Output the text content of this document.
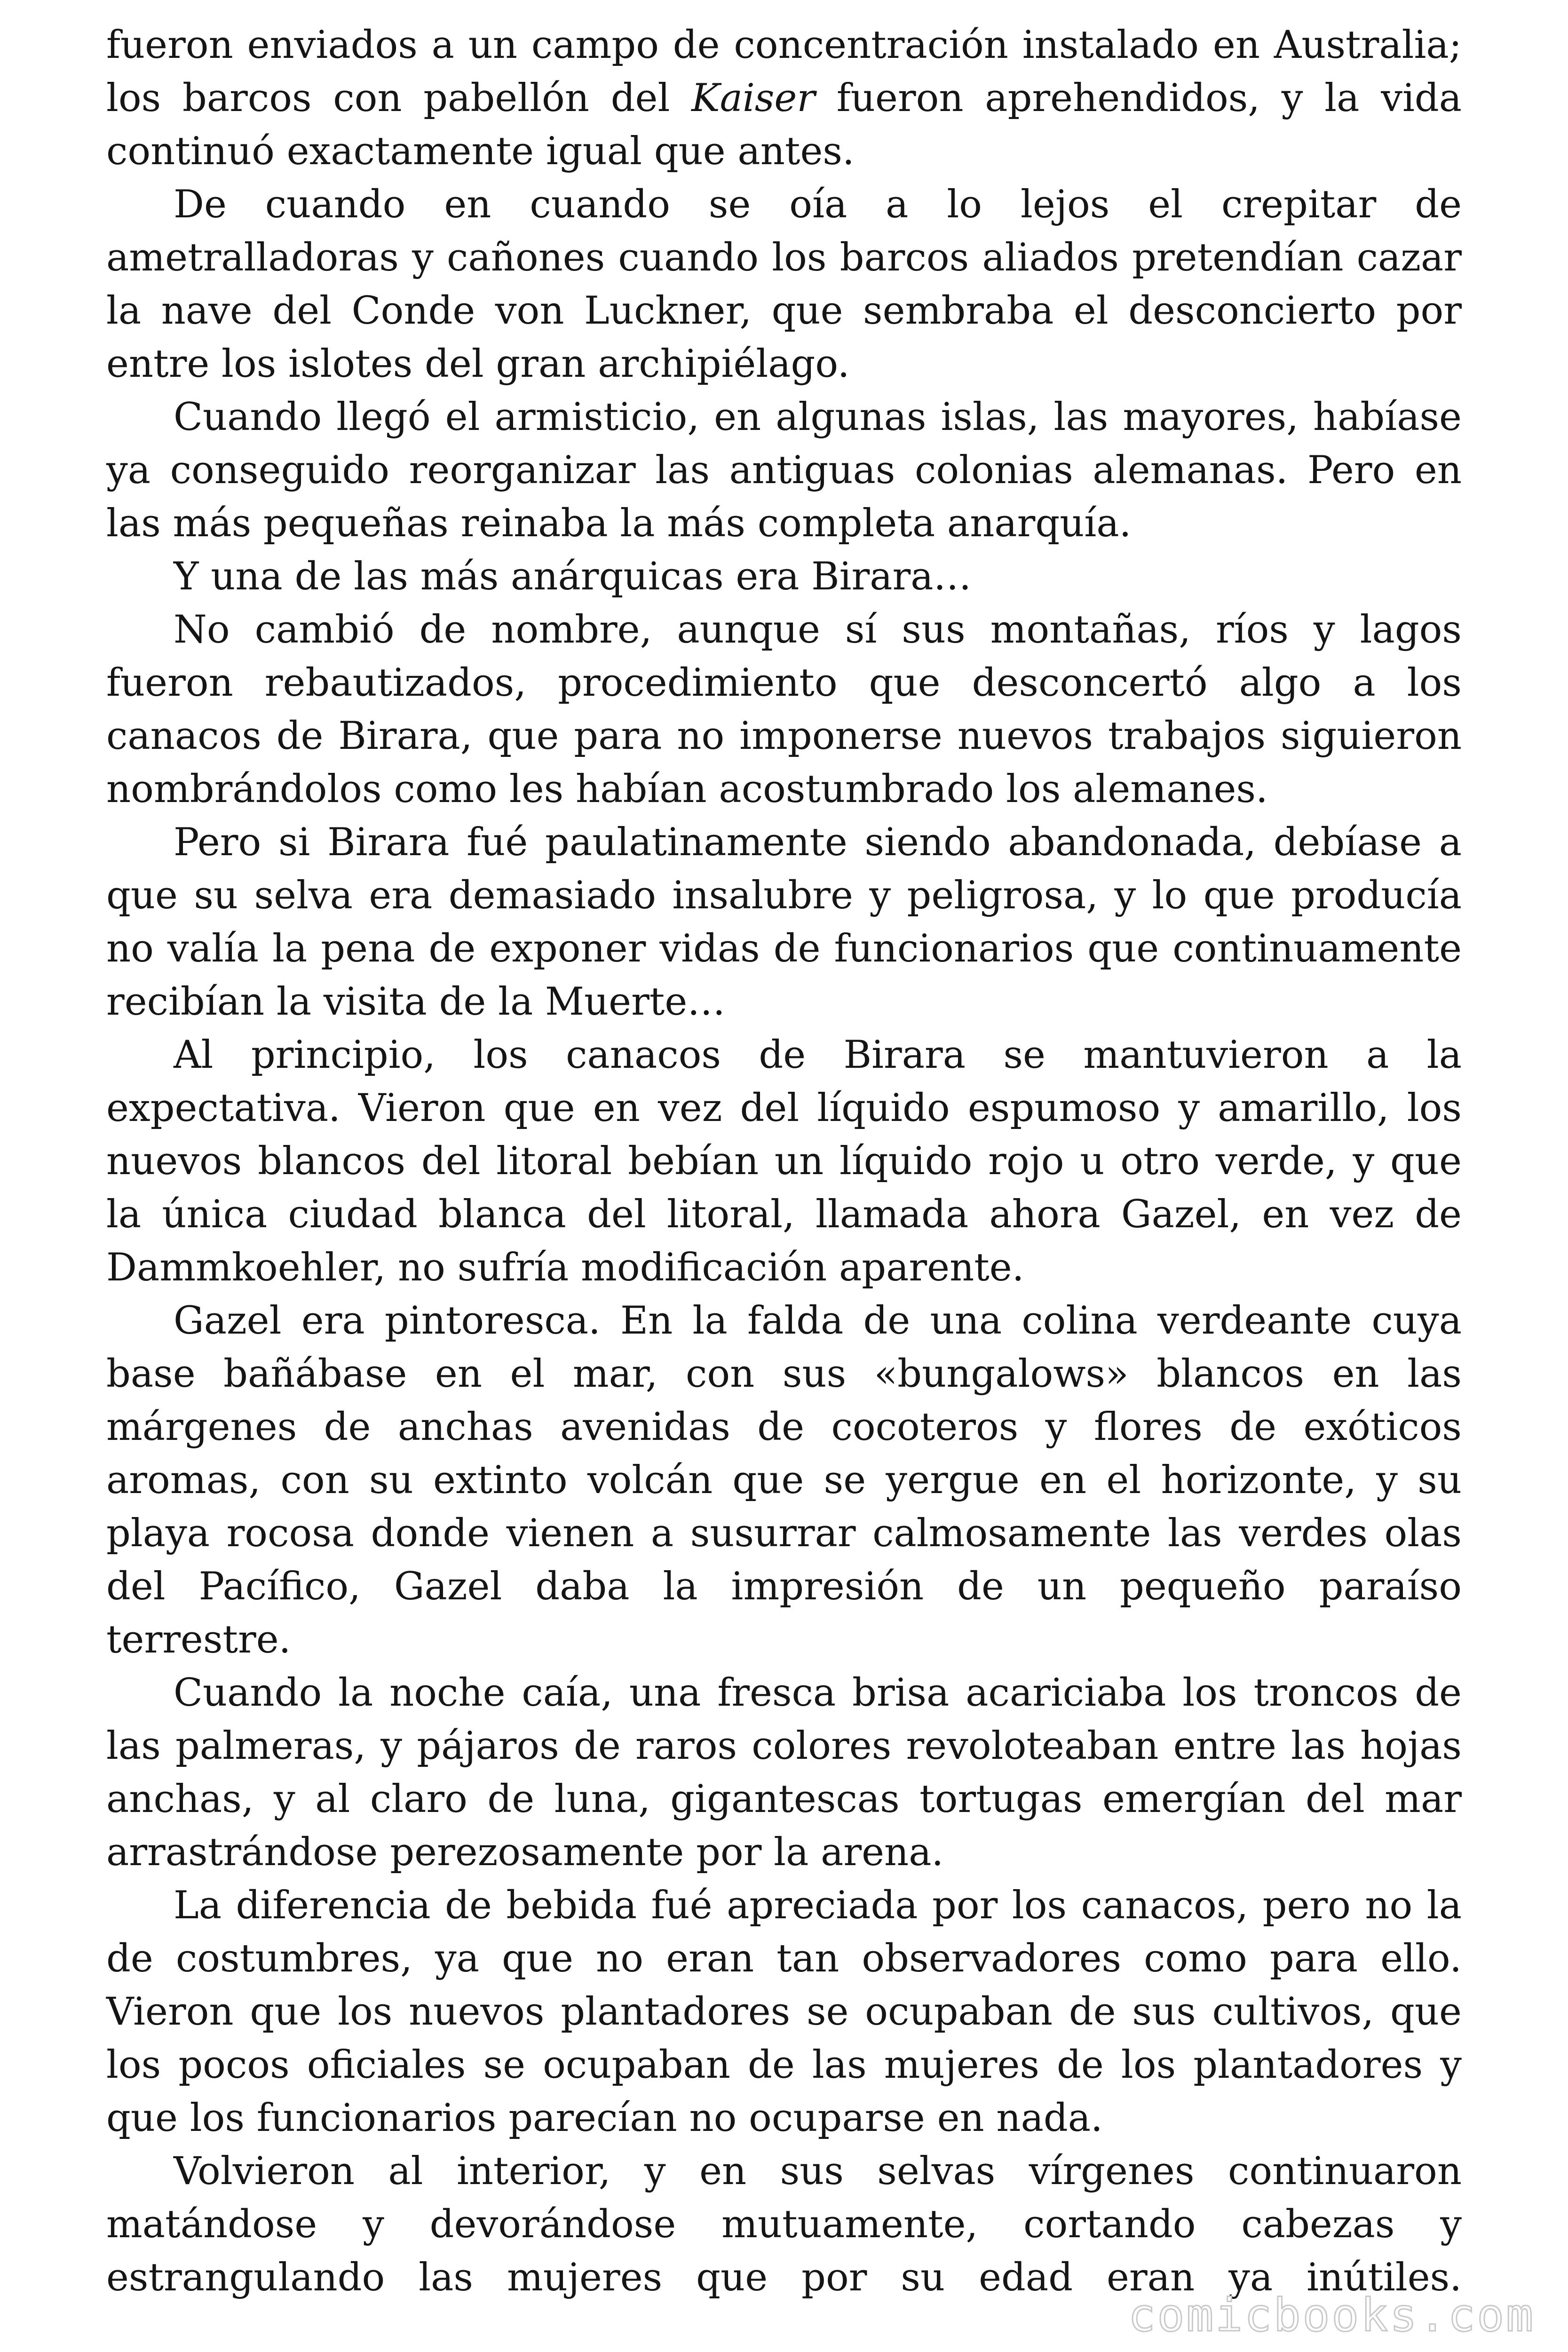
fueron enviados a un campo de concentración instalado en Australia; los barcos con pabellón del Kaiser fueron aprehendidos, y la vida continuó exactamente igual que antes.

De cuando en cuando se oía a lo lejos el crepitar de ametralladoras y cañones cuando los barcos aliados pretendían cazar la nave del Conde von Luckner, que sembraba el desconcierto por entre los islotes del gran archipiélago.

Cuando llegó el armisticio, en algunas islas, las mayores, habíase ya conseguido reorganizar las antiguas colonias alemanas. Pero en las más pequeñas reinaba la más completa anarquía.

Y una de las más anárquicas era Birara…

No cambió de nombre, aunque sí sus montañas, ríos y lagos fueron rebautizados, procedimiento que desconcertó algo a los canacos de Birara, que para no imponerse nuevos trabajos siguieron nombrándolos como les habían acostumbrado los alemanes.

Pero si Birara fué paulatinamente siendo abandonada, debíase a que su selva era demasiado insalubre y peligrosa, y lo que producía no valía la pena de exponer vidas de funcionarios que continuamente recibían la visita de la Muerte…

Al principio, los canacos de Birara se mantuvieron a la expectativa. Vieron que en vez del líquido espumoso y amarillo, los nuevos blancos del litoral bebían un líquido rojo u otro verde, y que la única ciudad blanca del litoral, llamada ahora Gazel, en vez de Dammkoehler, no sufría modificación aparente.

Gazel era pintoresca. En la falda de una colina verdeante cuya base bañábase en el mar, con sus «bungalows» blancos en las márgenes de anchas avenidas de cocoteros y flores de exóticos aromas, con su extinto volcán que se yergue en el horizonte, y su playa rocosa donde vienen a susurrar calmosamente las verdes olas del Pacífico, Gazel daba la impresión de un pequeño paraíso terrestre.

Cuando la noche caía, una fresca brisa acariciaba los troncos de las palmeras, y pájaros de raros colores revoloteaban entre las hojas anchas, y al claro de luna, gigantescas tortugas emergían del mar arrastrándose perezosamente por la arena.

La diferencia de bebida fué apreciada por los canacos, pero no la de costumbres, ya que no eran tan observadores como para ello. Vieron que los nuevos plantadores se ocupaban de sus cultivos, que los pocos oficiales se ocupaban de las mujeres de los plantadores y que los funcionarios parecían no ocuparse en nada.

Volvieron al interior, y en sus selvas vírgenes continuaron matándose y devorándose mutuamente, cortando cabezas y estrangulando las mujeres que por su edad eran ya inútiles.

comicbooks.com
